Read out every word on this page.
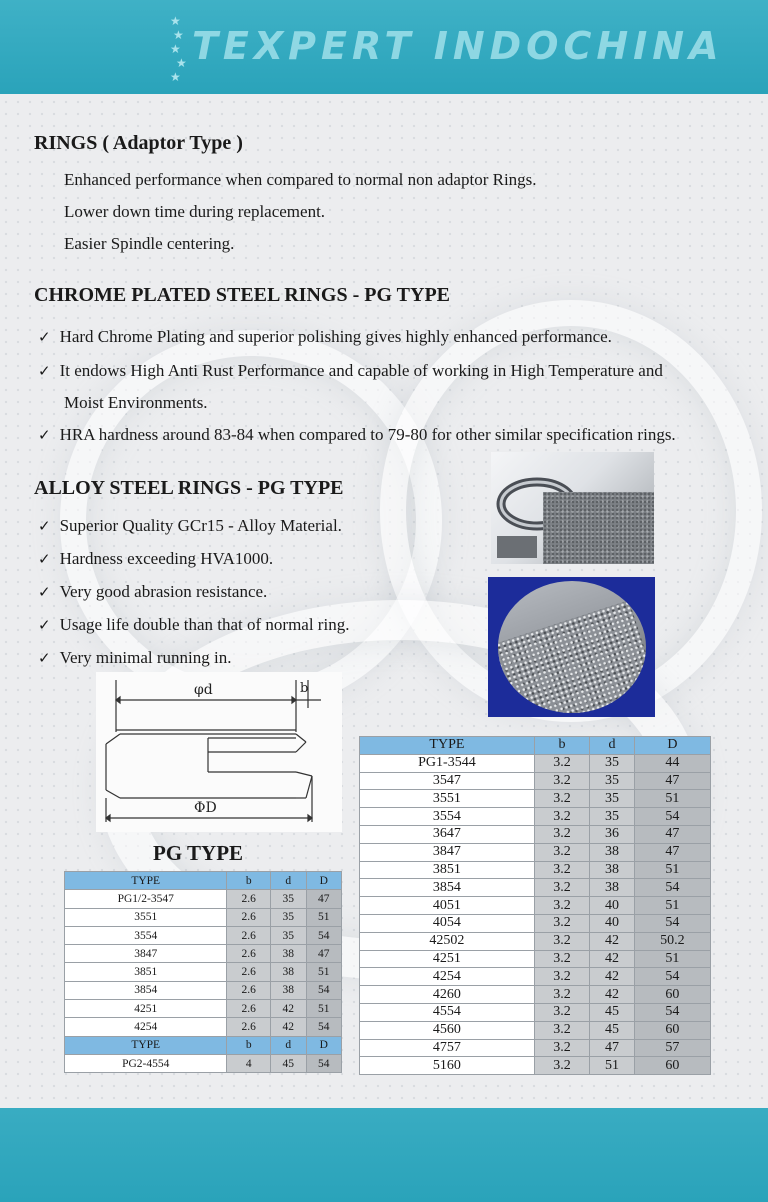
★
★
★
★
★
TEXPERT INDOCHINA
RINGS ( Adaptor Type )
Enhanced performance when compared to normal non adaptor Rings.
Lower down time during replacement.
Easier Spindle centering.
CHROME PLATED STEEL RINGS - PG TYPE
✓ Hard Chrome Plating and superior polishing gives highly enhanced performance.
✓ It endows High Anti Rust Performance and capable of working in High Temperature and
Moist Environments.
✓ HRA hardness around 83-84 when compared to 79-80 for other similar specification rings.
ALLOY STEEL RINGS - PG TYPE
✓ Superior Quality GCr15 - Alloy Material.
✓ Hardness exceeding HVA1000.
✓ Very good abrasion resistance.
✓ Usage life double than that of normal ring.
✓ Very minimal running in.
φd	b
ΦD
PG TYPE
TYPE	b	d	D
PG1/2-3547	2.6	35	47
3551	2.6	35	51
3554	2.6	35	54
3847	2.6	38	47
3851	2.6	38	51
3854	2.6	38	54
4251	2.6	42	51
4254	2.6	42	54
TYPE	b	d	D
PG2-4554	4	45	54
TYPE	b	d	D
PG1-3544	3.2	35	44
3547	3.2	35	47
3551	3.2	35	51
3554	3.2	35	54
3647	3.2	36	47
3847	3.2	38	47
3851	3.2	38	51
3854	3.2	38	54
4051	3.2	40	51
4054	3.2	40	54
42502	3.2	42	50.2
4251	3.2	42	51
4254	3.2	42	54
4260	3.2	42	60
4554	3.2	45	54
4560	3.2	45	60
4757	3.2	47	57
5160	3.2	51	60
